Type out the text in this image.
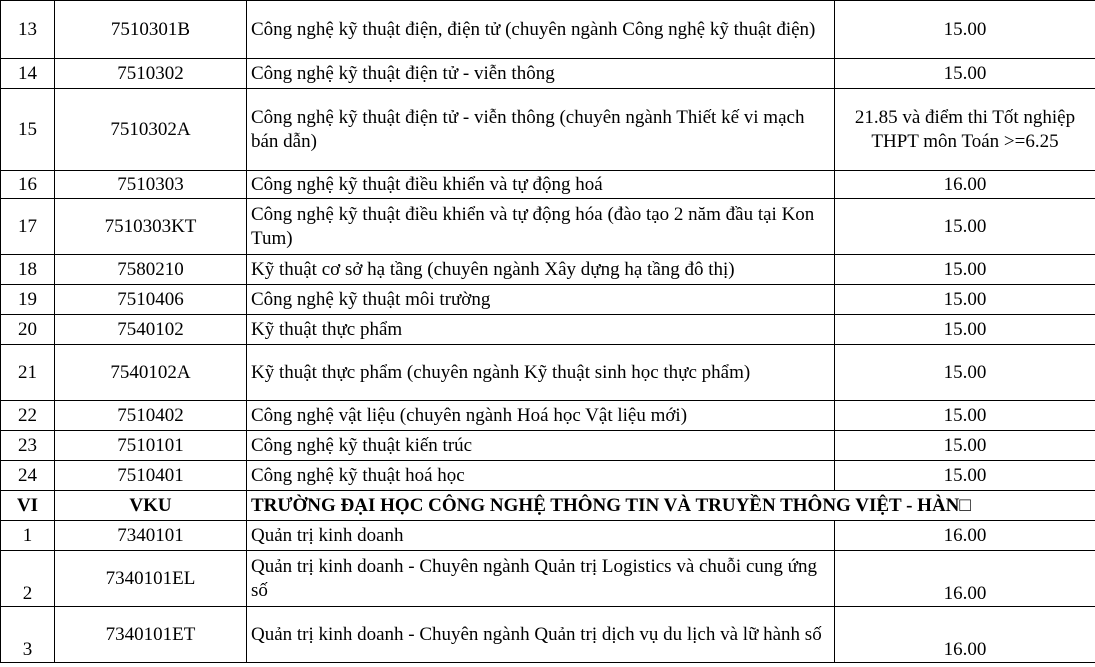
13	7510301B	Công nghệ kỹ thuật điện, điện tử (chuyên ngành Công nghệ kỹ thuật điện)	15.00
14	7510302	Công nghệ kỹ thuật điện tử - viễn thông	15.00
15	7510302A	Công nghệ kỹ thuật điện tử - viễn thông (chuyên ngành Thiết kế vi mạch bán dẫn)	21.85 và điểm thi Tốt nghiệp THPT môn Toán >=6.25
16	7510303	Công nghệ kỹ thuật điều khiển và tự động hoá	16.00
17	7510303KT	Công nghệ kỹ thuật điều khiển và tự động hóa (đào tạo 2 năm đầu tại Kon Tum)	15.00
18	7580210	Kỹ thuật cơ sở hạ tầng (chuyên ngành Xây dựng hạ tầng đô thị)	15.00
19	7510406	Công nghệ kỹ thuật môi trường	15.00
20	7540102	Kỹ thuật thực phẩm	15.00
21	7540102A	Kỹ thuật thực phẩm (chuyên ngành Kỹ thuật sinh học thực phẩm)	15.00
22	7510402	Công nghệ vật liệu (chuyên ngành Hoá học Vật liệu mới)	15.00
23	7510101	Công nghệ kỹ thuật kiến trúc	15.00
24	7510401	Công nghệ kỹ thuật hoá học	15.00
VI	VKU	TRƯỜNG ĐẠI HỌC CÔNG NGHỆ THÔNG TIN VÀ TRUYỀN THÔNG VIỆT - HÀN□	
1	7340101	Quản trị kinh doanh	16.00
2	7340101EL	Quản trị kinh doanh - Chuyên ngành Quản trị Logistics và chuỗi cung ứng số	16.00
3	7340101ET	Quản trị kinh doanh - Chuyên ngành Quản trị dịch vụ du lịch và lữ hành số	16.00
